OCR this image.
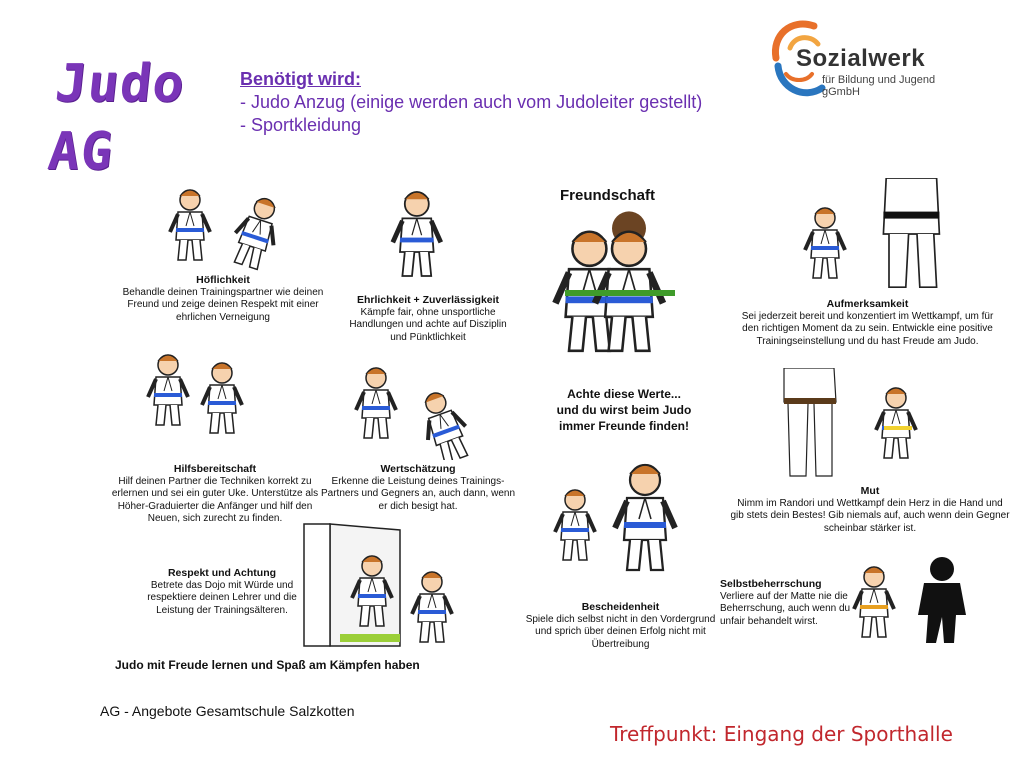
Judo
AG
Benötigt wird:
- Judo Anzug (einige werden auch vom Judoleiter gestellt)
- Sportkleidung
Sozialwerk
für Bildung und Jugend gGmbH
Höflichkeit
Behandle deinen Trainingspartner wie deinen Freund und zeige deinen Respekt mit einer ehrlichen Verneigung
Hilfsbereitschaft
Hilf deinen Partner die Techniken korrekt zu erlernen und sei ein guter Uke. Unterstütze als Höher-Graduierter die Anfänger und hilf den Neuen, sich zurecht zu finden.
Ehrlichkeit + Zuverlässigkeit
Kämpfe fair, ohne unsportliche Handlungen und achte auf Disziplin und Pünktlichkeit
Wertschätzung
Erkenne die Leistung deines Trainings-Partners und Gegners an, auch dann, wenn er dich besigt hat.
Respekt und Achtung
Betrete das Dojo mit Würde und respektiere deinen Lehrer und die Leistung der Trainingsälteren.
Judo mit Freude lernen und Spaß am Kämpfen haben
Freundschaft
Achte diese Werte...
und du wirst beim Judo
immer Freunde finden!
Bescheidenheit
Spiele dich selbst nicht in den Vordergrund und sprich über deinen Erfolg nicht mit Übertreibung
Aufmerksamkeit
Sei jederzeit bereit und konzentiert im Wettkampf, um für den richtigen Moment da zu sein. Entwickle eine positive Trainingseinstellung und du hast Freude am Judo.
Mut
Nimm im Randori und Wettkampf dein Herz in die Hand und gib stets dein Bestes! Gib niemals auf, auch wenn dein Gegner scheinbar stärker ist.
Selbstbeherrschung
Verliere auf der Matte nie die Beherrschung, auch wenn du unfair behandelt wirst.
AG - Angebote Gesamtschule Salzkotten
Treffpunkt: Eingang der Sporthalle
